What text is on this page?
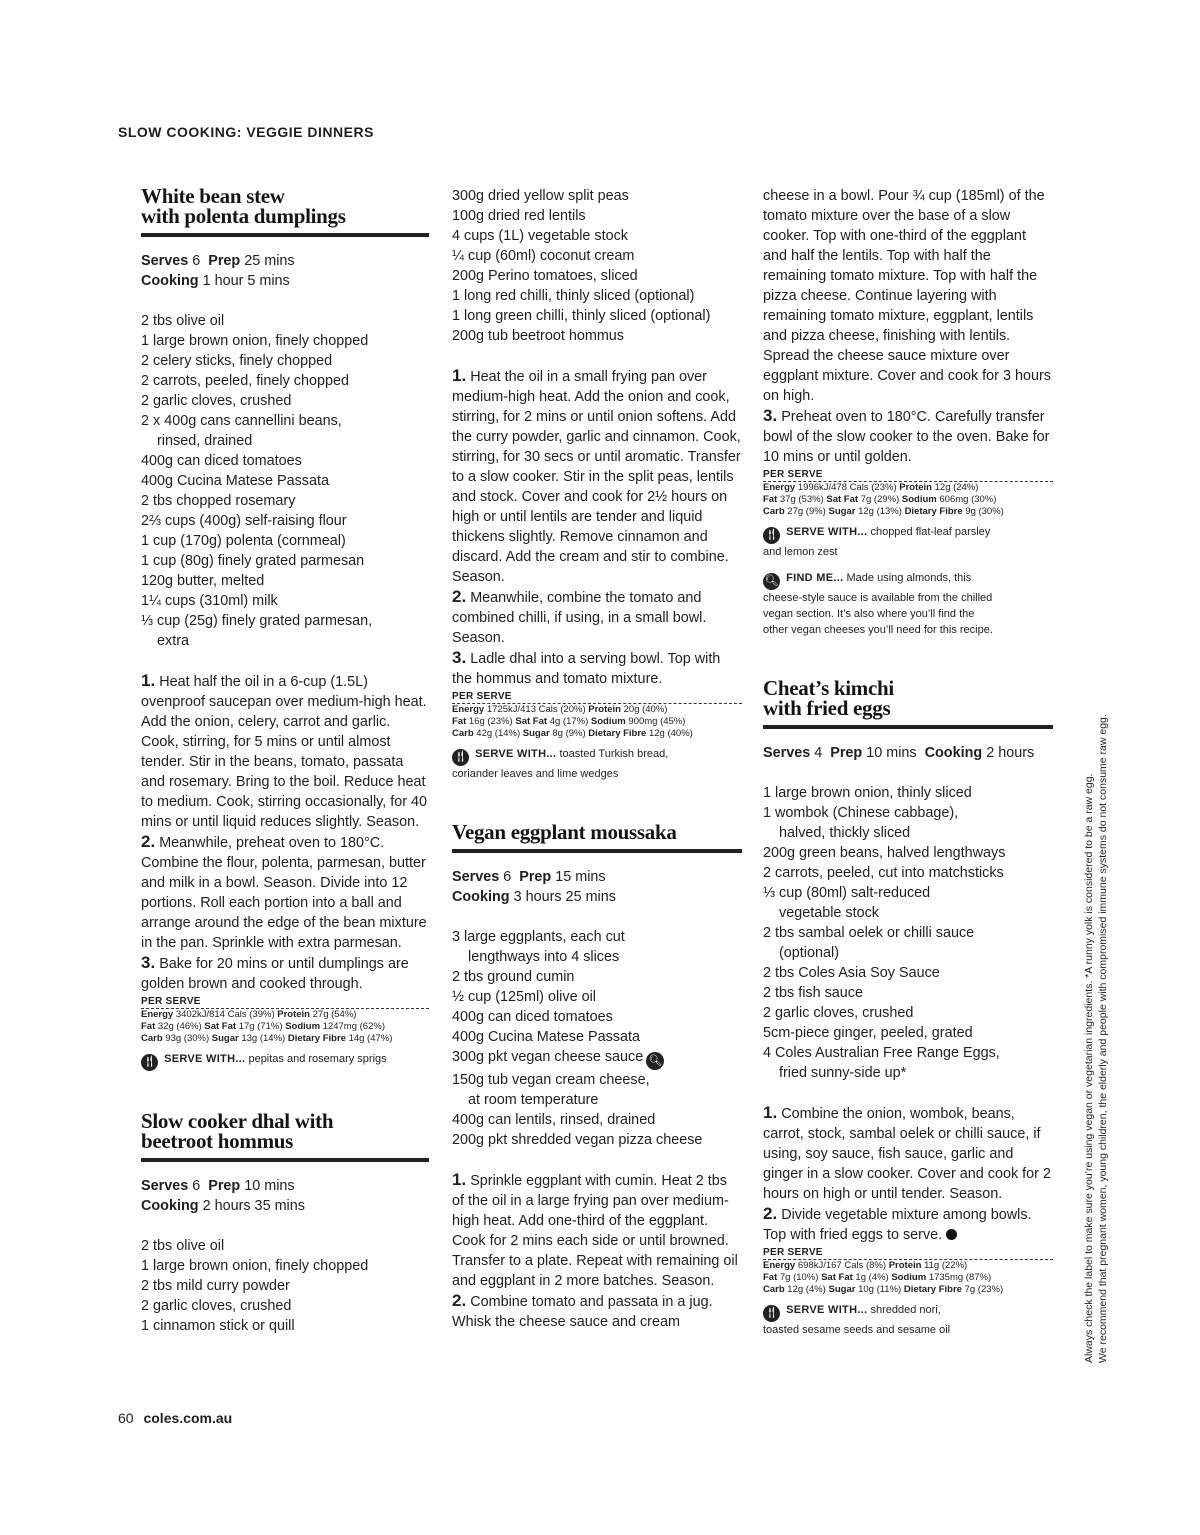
SLOW COOKING: VEGGIE DINNERS
White bean stew
with polenta dumplings
Serves 6 Prep 25 mins
Cooking 1 hour 5 mins
2 tbs olive oil
1 large brown onion, finely chopped
2 celery sticks, finely chopped
2 carrots, peeled, finely chopped
2 garlic cloves, crushed
2 x 400g cans cannellini beans,
rinsed, drained
400g can diced tomatoes
400g Cucina Matese Passata
2 tbs chopped rosemary
2⅔ cups (400g) self-raising flour
1 cup (170g) polenta (cornmeal)
1 cup (80g) finely grated parmesan
120g butter, melted
1¼ cups (310ml) milk
⅓ cup (25g) finely grated parmesan,
extra

1. Heat half the oil in a 6-cup (1.5L) ovenproof saucepan over medium-high heat. Add the onion, celery, carrot and garlic. Cook, stirring, for 5 mins or until almost tender. Stir in the beans, tomato, passata and rosemary. Bring to the boil. Reduce heat to medium. Cook, stirring occasionally, for 40 mins or until liquid reduces slightly. Season.

2. Meanwhile, preheat oven to 180°C. Combine the flour, polenta, parmesan, butter and milk in a bowl. Season. Divide into 12 portions. Roll each portion into a ball and arrange around the edge of the bean mixture in the pan. Sprinkle with extra parmesan.

3. Bake for 20 mins or until dumplings are golden brown and cooked through.

PER SERVE
Energy 3402kJ/814 Cals (39%) Protein 27g (54%)
Fat 32g (46%) Sat Fat 17g (71%) Sodium 1247mg (62%)
Carb 93g (30%) Sugar 13g (14%) Dietary Fibre 14g (47%)
🍴︎ SERVE WITH... pepitas and rosemary sprigs
Slow cooker dhal with
beetroot hommus
Serves 6 Prep 10 mins
Cooking 2 hours 35 mins
2 tbs olive oil
1 large brown onion, finely chopped
2 tbs mild curry powder
2 garlic cloves, crushed
1 cinnamon stick or quill
300g dried yellow split peas
100g dried red lentils
4 cups (1L) vegetable stock
¼ cup (60ml) coconut cream
200g Perino tomatoes, sliced
1 long red chilli, thinly sliced (optional)
1 long green chilli, thinly sliced (optional)
200g tub beetroot hommus

1. Heat the oil in a small frying pan over medium-high heat. Add the onion and cook, stirring, for 2 mins or until onion softens. Add the curry powder, garlic and cinnamon. Cook, stirring, for 30 secs or until aromatic. Transfer to a slow cooker. Stir in the split peas, lentils and stock. Cover and cook for 2½ hours on high or until lentils are tender and liquid thickens slightly. Remove cinnamon and discard. Add the cream and stir to combine. Season.

2. Meanwhile, combine the tomato and combined chilli, if using, in a small bowl. Season.

3. Ladle dhal into a serving bowl. Top with the hommus and tomato mixture.

PER SERVE
Energy 1725kJ/413 Cals (20%) Protein 20g (40%)
Fat 16g (23%) Sat Fat 4g (17%) Sodium 900mg (45%)
Carb 42g (14%) Sugar 8g (9%) Dietary Fibre 12g (40%)
🍴︎ SERVE WITH... toasted Turkish bread,
coriander leaves and lime wedges
Vegan eggplant moussaka
Serves 6 Prep 15 mins
Cooking 3 hours 25 mins
3 large eggplants, each cut
lengthways into 4 slices
2 tbs ground cumin
½ cup (125ml) olive oil
400g can diced tomatoes
400g Cucina Matese Passata
300g pkt vegan cheese sauce 🔍︎
150g tub vegan cream cheese,
at room temperature
400g can lentils, rinsed, drained
200g pkt shredded vegan pizza cheese

1. Sprinkle eggplant with cumin. Heat 2 tbs of the oil in a large frying pan over medium-high heat. Add one-third of the eggplant. Cook for 2 mins each side or until browned. Transfer to a plate. Repeat with remaining oil and eggplant in 2 more batches. Season.

2. Combine tomato and passata in a jug. Whisk the cheese sauce and cream

cheese in a bowl. Pour ¾ cup (185ml) of the tomato mixture over the base of a slow cooker. Top with one-third of the eggplant and half the lentils. Top with half the remaining tomato mixture. Top with half the pizza cheese. Continue layering with remaining tomato mixture, eggplant, lentils and pizza cheese, finishing with lentils. Spread the cheese sauce mixture over eggplant mixture. Cover and cook for 3 hours on high.

3. Preheat oven to 180°C. Carefully transfer bowl of the slow cooker to the oven. Bake for 10 mins or until golden.

PER SERVE
Energy 1996kJ/478 Cals (23%) Protein 12g (24%)
Fat 37g (53%) Sat Fat 7g (29%) Sodium 606mg (30%)
Carb 27g (9%) Sugar 12g (13%) Dietary Fibre 9g (30%)
🍴︎ SERVE WITH... chopped flat-leaf parsley
and lemon zest
🔍︎ FIND ME... Made using almonds, this
cheese-style sauce is available from the chilled
vegan section. It’s also where you’ll find the
other vegan cheeses you’ll need for this recipe.
Cheat’s kimchi
with fried eggs
Serves 4 Prep 10 mins Cooking 2 hours
1 large brown onion, thinly sliced
1 wombok (Chinese cabbage),
halved, thickly sliced
200g green beans, halved lengthways
2 carrots, peeled, cut into matchsticks
⅓ cup (80ml) salt-reduced
vegetable stock
2 tbs sambal oelek or chilli sauce
(optional)
2 tbs Coles Asia Soy Sauce
2 tbs fish sauce
2 garlic cloves, crushed
5cm-piece ginger, peeled, grated
4 Coles Australian Free Range Eggs,
fried sunny-side up*

1. Combine the onion, wombok, beans, carrot, stock, sambal oelek or chilli sauce, if using, soy sauce, fish sauce, garlic and ginger in a slow cooker. Cover and cook for 2 hours on high or until tender. Season.

2. Divide vegetable mixture among bowls. Top with fried eggs to serve.

PER SERVE
Energy 698kJ/167 Cals (8%) Protein 11g (22%)
Fat 7g (10%) Sat Fat 1g (4%) Sodium 1735mg (87%)
Carb 12g (4%) Sugar 10g (11%) Dietary Fibre 7g (23%)
🍴︎ SERVE WITH... shredded nori,
toasted sesame seeds and sesame oil	Always check the label to make sure you’re using vegan or vegetarian ingredients. *A runny yolk is considered to be a raw egg. We recommend that pregnant women, young children, the elderly and people with compromised immune systems do not consume raw egg.
60 coles.com.au
